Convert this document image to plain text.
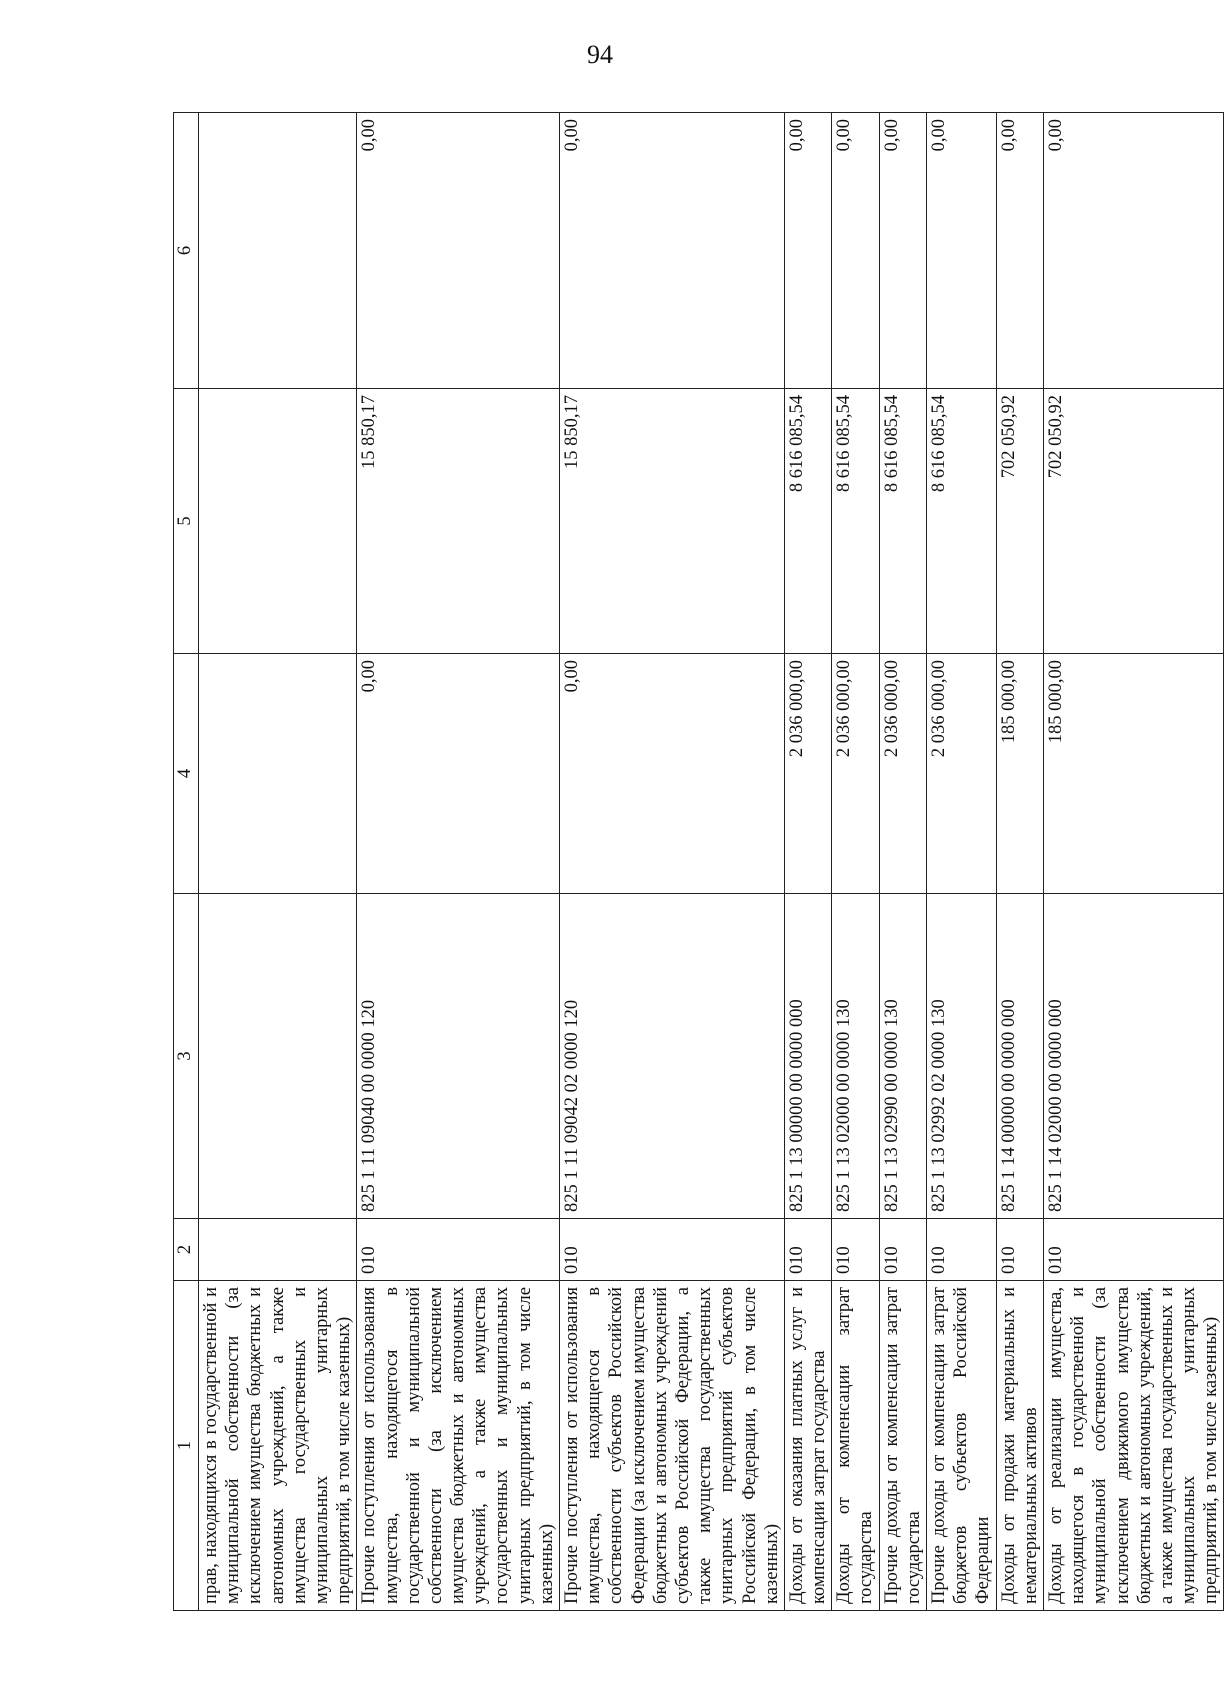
94
1	2	3	4	5	6
прав, находящихся в государственной и муниципальной собственности (за исключением имущества бюджетных и автономных учреждений, а также имущества государственных и муниципальных унитарных предприятий, в том числе казенных)					
Прочие поступления от использования имущества, находящегося в государственной и муниципальной собственности (за исключением имущества бюджетных и автономных учреждений, а также имущества государственных и муниципальных унитарных предприятий, в том числе казенных)	010	825 1 11 09040 00 0000 120	0,00	15 850,17	0,00
Прочие поступления от использования имущества, находящегося в собственности субъектов Российской Федерации (за исключением имущества бюджетных и автономных учреждений субъектов Российской Федерации, а также имущества государственных унитарных предприятий субъектов Российской Федерации, в том числе казенных)	010	825 1 11 09042 02 0000 120	0,00	15 850,17	0,00
Доходы от оказания платных услуг и компенсации затрат государства	010	825 1 13 00000 00 0000 000	2 036 000,00	8 616 085,54	0,00
Доходы от компенсации затрат государства	010	825 1 13 02000 00 0000 130	2 036 000,00	8 616 085,54	0,00
Прочие доходы от компенсации затрат государства	010	825 1 13 02990 00 0000 130	2 036 000,00	8 616 085,54	0,00
Прочие доходы от компенсации затрат бюджетов субъектов Российской Федерации	010	825 1 13 02992 02 0000 130	2 036 000,00	8 616 085,54	0,00
Доходы от продажи материальных и нематериальных активов	010	825 1 14 00000 00 0000 000	185 000,00	702 050,92	0,00
Доходы от реализации имущества, находящегося в государственной и муниципальной собственности (за исключением движимого имущества бюджетных и автономных учреждений, а также имущества государственных и муниципальных унитарных предприятий, в том числе казенных)	010	825 1 14 02000 00 0000 000	185 000,00	702 050,92	0,00
